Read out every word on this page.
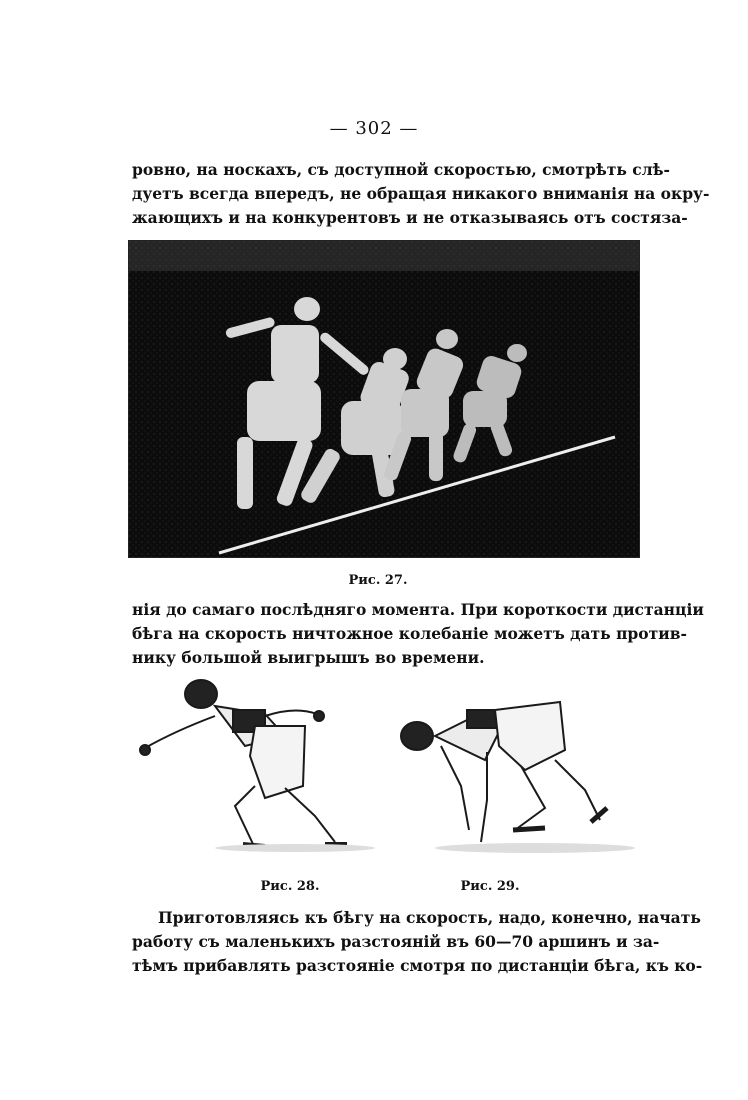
— 302 —
ровно, на носкахъ, съ доступной скоростью, смотрѣть слѣ-
дуетъ всегда впередъ, не обращая никакого вниманія на окру-
жающихъ и на конкурентовъ и не отказываясь отъ состяза-
Рис. 27.
нія до самаго послѣдняго момента. При короткости дистанціи
бѣга на скорость ничтожное колебаніе можетъ дать против-
нику большой выигрышъ во времени.
Рис. 28.	Рис. 29.
Приготовляясь къ бѣгу на скорость, надо, конечно, начать
работу съ маленькихъ разстояній въ 60—70 аршинъ и за-
тѣмъ прибавлять разстояніе смотря по дистанціи бѣга, къ ко-
